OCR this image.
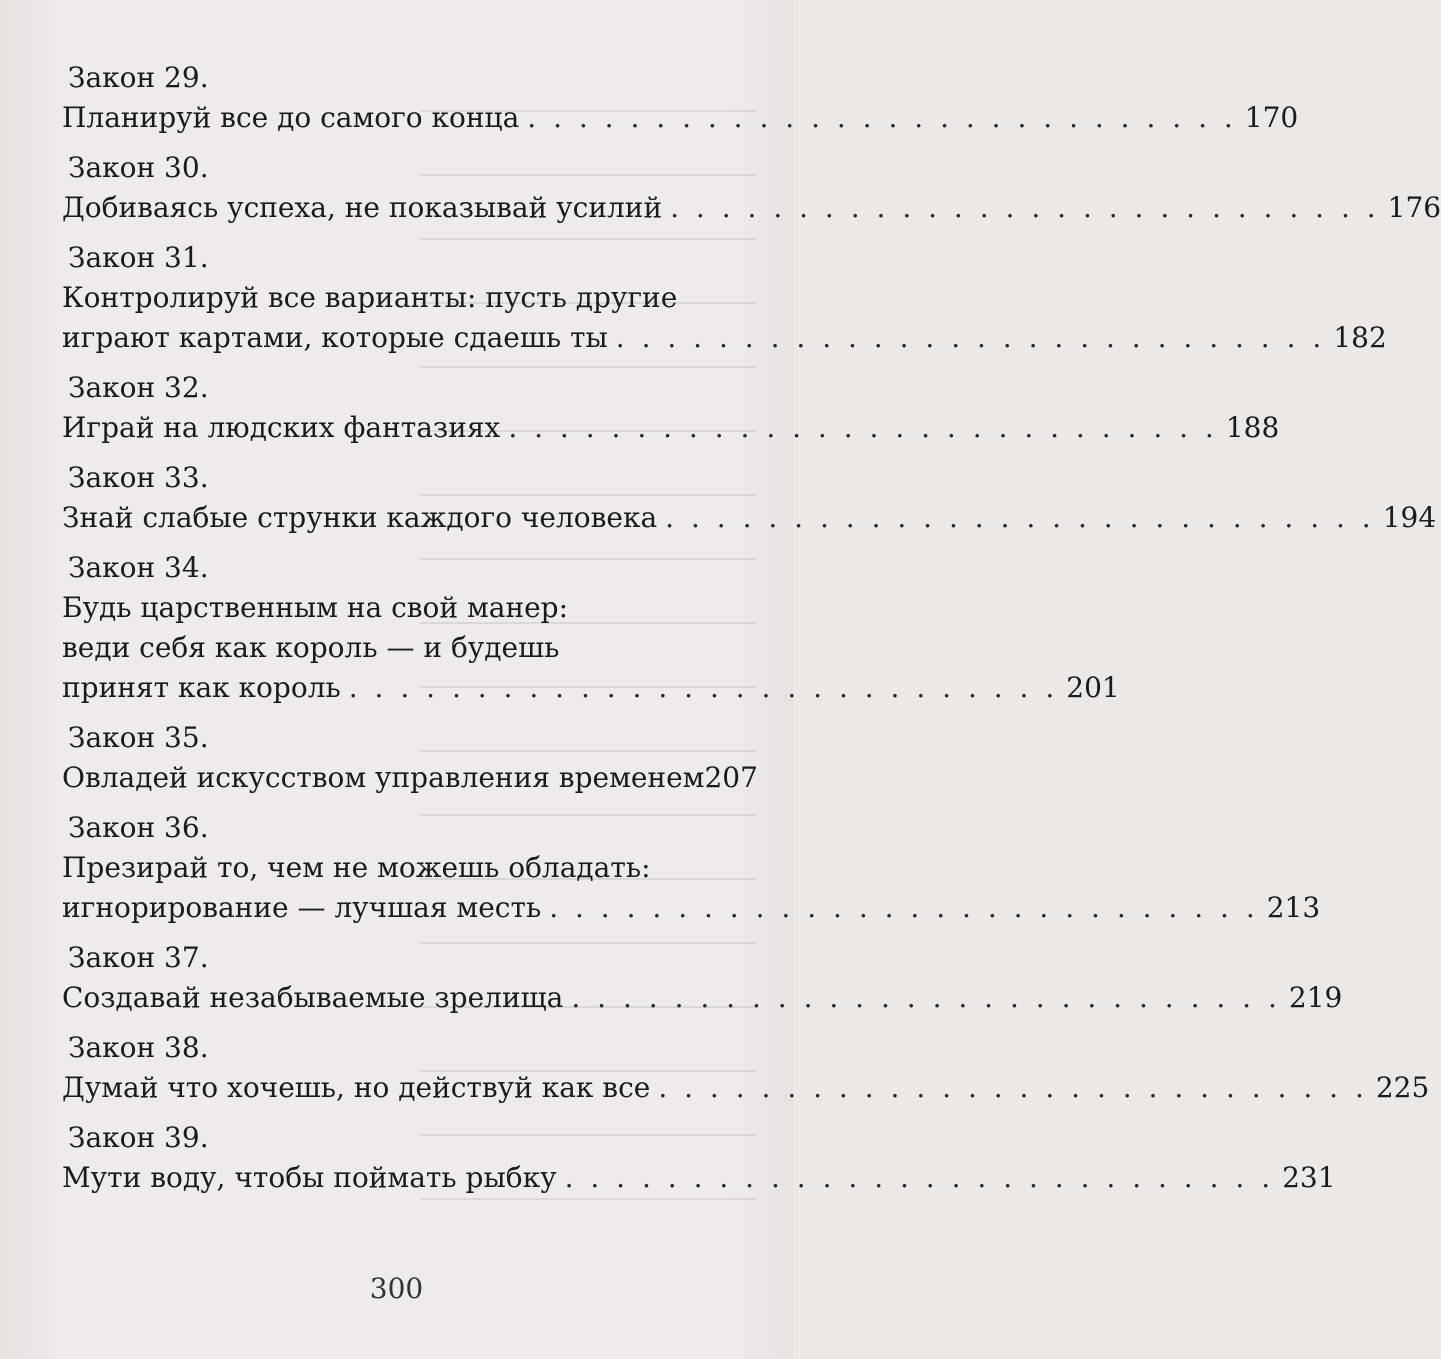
Закон 29.
Планируй все до самого конца . . . . . . . . . . . . . . . . . . . . . . . . . . . . 170
Закон 30.
Добиваясь успеха, не показывай усилий . . . . . . . . . . . . . . . . . . . . . . . . . . . . 176
Закон 31.
Контролируй все варианты: пусть другие
играют картами, которые сдаешь ты . . . . . . . . . . . . . . . . . . . . . . . . . . . . 182
Закон 32.
Играй на людских фантазиях . . . . . . . . . . . . . . . . . . . . . . . . . . . . 188
Закон 33.
Знай слабые струнки каждого человека . . . . . . . . . . . . . . . . . . . . . . . . . . . . 194
Закон 34.
Будь царственным на свой манер:
веди себя как король — и будешь
принят как король . . . . . . . . . . . . . . . . . . . . . . . . . . . . 201
Закон 35.
Овладей искусством управления временем 207
Закон 36.
Презирай то, чем не можешь обладать:
игнорирование — лучшая месть . . . . . . . . . . . . . . . . . . . . . . . . . . . . 213
Закон 37.
Создавай незабываемые зрелища . . . . . . . . . . . . . . . . . . . . . . . . . . . . 219
Закон 38.
Думай что хочешь, но действуй как все . . . . . . . . . . . . . . . . . . . . . . . . . . . . 225
Закон 39.
Мути воду, чтобы поймать рыбку . . . . . . . . . . . . . . . . . . . . . . . . . . . . 231
300
